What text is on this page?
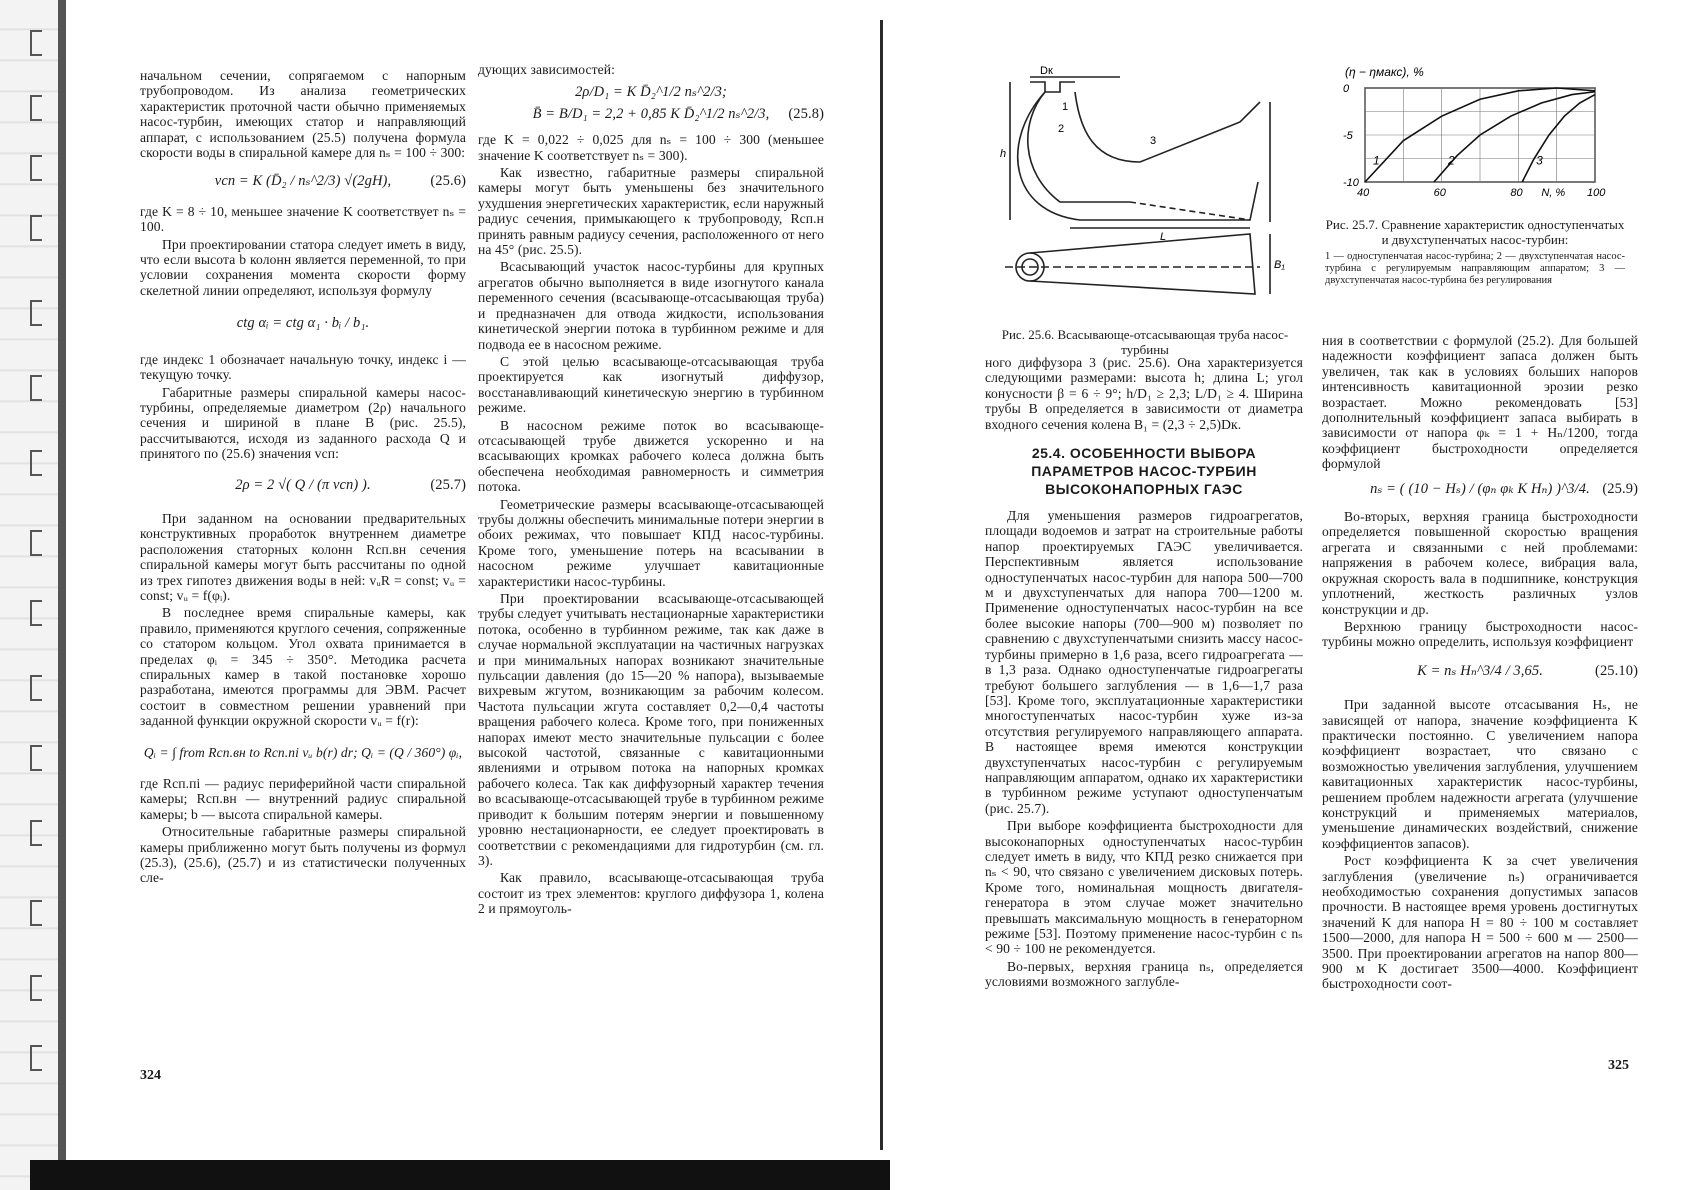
начальном сечении, сопрягаемом с напорным трубопроводом. Из анализа геометрических характеристик проточной части обычно применяемых насос-турбин, имеющих статор и направляющий аппарат, с использованием (25.5) получена формула скорости воды в спиральной камере для nₛ = 100 ÷ 300:

vсп = K (D̄₂ / nₛ^2/3) √(2gH),	(25.6)

где K = 8 ÷ 10, меньшее значение K соответствует nₛ = 100.

При проектировании статора следует иметь в виду, что если высота b колонн является переменной, то при условии сохранения момента скорости форму скелетной линии определяют, используя формулу

ctg αᵢ = ctg α₁ · bᵢ / b₁.

где индекс 1 обозначает начальную точку, индекс i — текущую точку.

Габаритные размеры спиральной камеры насос-турбины, определяемые диаметром (2ρ) начального сечения и шириной в плане B (рис. 25.5), рассчитываются, исходя из заданного расхода Q и принятого по (25.6) значения vсп:

2ρ = 2 √( Q / (π vсп) ).	(25.7)

При заданном на основании предварительных конструктивных проработок внутреннем диаметре расположения статорных колонн Rсп.вн сечения спиральной камеры могут быть рассчитаны по одной из трех гипотез движения воды в ней: vᵤR = const; vᵤ = const; vᵤ = f(φᵢ).

В последнее время спиральные камеры, как правило, применяются круглого сечения, сопряженные со статором кольцом. Угол охвата принимается в пределах φᵢ = 345 ÷ 350°. Методика расчета спиральных камер в такой постановке хорошо разработана, имеются программы для ЭВМ. Расчет состоит в совместном решении уравнений при заданной функции окружной скорости vᵤ = f(r):

Qᵢ = ∫ from Rсп.вн to Rсп.пi vᵤ b(r) dr; Qᵢ = (Q / 360°) φᵢ,

где Rсп.пi — радиус периферийной части спиральной камеры; Rсп.вн — внутренний радиус спиральной камеры; b — высота спиральной камеры.

Относительные габаритные размеры спиральной камеры приближенно могут быть получены из формул (25.3), (25.6), (25.7) и из статистически полученных сле-

дующих зависимостей:

2ρ/D₁ = K D̄₂^1/2 nₛ^2/3;
B̄ = B/D₁ = 2,2 + 0,85 K D̄₂^1/2 nₛ^2/3, (25.8)

где K = 0,022 ÷ 0,025 для nₛ = 100 ÷ 300 (меньшее значение K соответствует nₛ = 300).

Как известно, габаритные размеры спиральной камеры могут быть уменьшены без значительного ухудшения энергетических характеристик, если наружный радиус сечения, примыкающего к трубопроводу, Rсп.н принять равным радиусу сечения, расположенного от него на 45° (рис. 25.5).

Всасывающий участок насос-турбины для крупных агрегатов обычно выполняется в виде изогнутого канала переменного сечения (всасывающе-отсасывающая труба) и предназначен для отвода жидкости, использования кинетической энергии потока в турбинном режиме и для подвода ее в насосном режиме.

С этой целью всасывающе-отсасывающая труба проектируется как изогнутый диффузор, восстанавливающий кинетическую энергию в турбинном режиме.

В насосном режиме поток во всасывающе-отсасывающей трубе движется ускоренно и на всасывающих кромках рабочего колеса должна быть обеспечена необходимая равномерность и симметрия потока.

Геометрические размеры всасывающе-отсасывающей трубы должны обеспечить минимальные потери энергии в обоих режимах, что повышает КПД насос-турбины. Кроме того, уменьшение потерь на всасывании в насосном режиме улучшает кавитационные характеристики насос-турбины.

При проектировании всасывающе-отсасывающей трубы следует учитывать нестационарные характеристики потока, особенно в турбинном режиме, так как даже в случае нормальной эксплуатации на частичных нагрузках и при минимальных напорах возникают значительные пульсации давления (до 15—20 % напора), вызываемые вихревым жгутом, возникающим за рабочим колесом. Частота пульсации жгута составляет 0,2—0,4 частоты вращения рабочего колеса. Кроме того, при пониженных напорах имеют место значительные пульсации с более высокой частотой, связанные с кавитационными явлениями и отрывом потока на напорных кромках рабочего колеса. Так как диффузорный характер течения во всасывающе-отсасывающей трубе в турбинном режиме приводит к большим потерям энергии и повышенному уровню нестационарности, ее следует проектировать в соответствии с рекомендациями для гидротурбин (см. гл. 3).

Как правило, всасывающе-отсасывающая труба состоит из трех элементов: круглого диффузора 1, колена 2 и прямоуголь-

324
Dк
1
2
3
h
L
B₁
Рис. 25.6. Всасывающе-отсасывающая труба насос-турбины
40	60	80	100
0
-5
-10
(η − ηмакс), %
N, %
1	2	3
Рис. 25.7. Сравнение характеристик одноступенчатых и двухступенчатых насос-турбин:
1 — одноступенчатая насос-турбина; 2 — двухступенчатая насос-турбина с регулируемым направляющим аппаратом; 3 — двухступенчатая насос-турбина без регулирования

ного диффузора 3 (рис. 25.6). Она характеризуется следующими размерами: высота h; длина L; угол конусности β = 6 ÷ 9°; h/D₁ ≥ 2,3; L/D₁ ≥ 4. Ширина трубы B определяется в зависимости от диаметра входного сечения колена B₁ = (2,3 ÷ 2,5)Dк.

25.4. ОСОБЕННОСТИ ВЫБОРА ПАРАМЕТРОВ НАСОС-ТУРБИН ВЫСОКОНАПОРНЫХ ГАЭС

Для уменьшения размеров гидроагрегатов, площади водоемов и затрат на строительные работы напор проектируемых ГАЭС увеличивается. Перспективным является использование одноступенчатых насос-турбин для напора 500—700 м и двухступенчатых для напора 700—1200 м. Применение одноступенчатых насос-турбин на все более высокие напоры (700—900 м) позволяет по сравнению с двухступенчатыми снизить массу насос-турбины примерно в 1,6 раза, всего гидроагрегата — в 1,3 раза. Однако одноступенчатые гидроагрегаты требуют большего заглубления — в 1,6—1,7 раза [53]. Кроме того, эксплуатационные характеристики многоступенчатых насос-турбин хуже из-за отсутствия регулируемого направляющего аппарата. В настоящее время имеются конструкции двухступенчатых насос-турбин с регулируемым направляющим аппаратом, однако их характеристики в турбинном режиме уступают одноступенчатым (рис. 25.7).

При выборе коэффициента быстроходности для высоконапорных одноступенчатых насос-турбин следует иметь в виду, что КПД резко снижается при nₛ < 90, что связано с увеличением дисковых потерь. Кроме того, номинальная мощность двигателя-генератора в этом случае может значительно превышать максимальную мощность в генераторном режиме [53]. Поэтому применение насос-турбин с nₛ < 90 ÷ 100 не рекомендуется.

Во-первых, верхняя граница nₛ, определяется условиями возможного заглубле-

ния в соответствии с формулой (25.2). Для большей надежности коэффициент запаса должен быть увеличен, так как в условиях больших напоров интенсивность кавитационной эрозии резко возрастает. Можно рекомендовать [53] дополнительный коэффициент запаса выбирать в зависимости от напора φₖ = 1 + Hₙ/1200, тогда коэффициент быстроходности определяется формулой

nₛ = ( (10 − Hₛ) / (φₙ φₖ K Hₙ) )^3/4. (25.9)

Во-вторых, верхняя граница быстроходности определяется повышенной скоростью вращения агрегата и связанными с ней проблемами: напряжения в рабочем колесе, вибрация вала, окружная скорость вала в подшипнике, конструкция уплотнений, жесткость различных узлов конструкции и др.

Верхнюю границу быстроходности насос-турбины можно определить, используя коэффициент

K = nₛ Hₙ^3/4 / 3,65.	(25.10)

При заданной высоте отсасывания Hₛ, не зависящей от напора, значение коэффициента K практически постоянно. С увеличением напора коэффициент возрастает, что связано с возможностью увеличения заглубления, улучшением кавитационных характеристик насос-турбины, решением проблем надежности агрегата (улучшение конструкций и применяемых материалов, уменьшение динамических воздействий, снижение коэффициентов запасов).

Рост коэффициента K за счет увеличения заглубления (увеличение nₛ) ограничивается необходимостью сохранения допустимых запасов прочности. В настоящее время уровень достигнутых значений K для напора H = 80 ÷ 100 м составляет 1500—2000, для напора H = 500 ÷ 600 м — 2500—3500. При проектировании агрегатов на напор 800—900 м K достигает 3500—4000. Коэффициент быстроходности соот-

325
